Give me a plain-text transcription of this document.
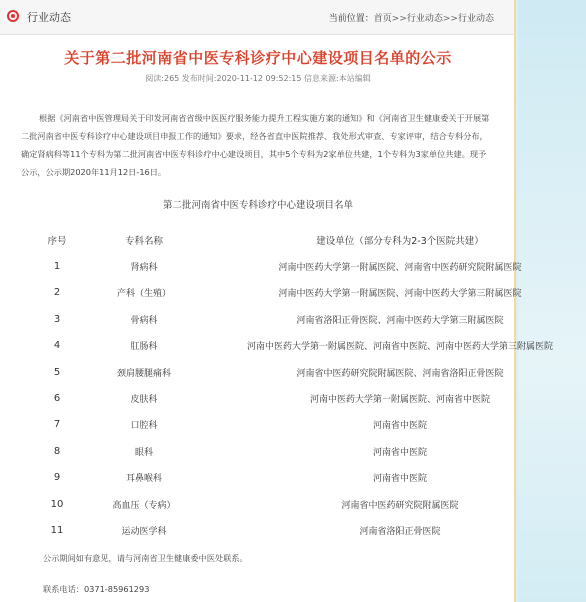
行业动态	当前位置：首页>>行业动态>>行业动态
关于第二批河南省中医专科诊疗中心建设项目名单的公示
阅读:265 发布时间:2020-11-12 09:52:15 信息来源:本站编辑
根据《河南省中医管理局关于印发河南省省级中医医疗服务能力提升工程实施方案的通知》和《河南省卫生健康委关于开展第二批河南省中医专科诊疗中心建设项目申报工作的通知》要求，经各省直中医院推荐、我处形式审查、专家评审，结合专科分布，确定肾病科等11个专科为第二批河南省中医专科诊疗中心建设项目，其中5个专科为2家单位共建，1个专科为3家单位共建。现予公示，公示期2020年11月12日-16日。
第二批河南省中医专科诊疗中心建设项目名单
序号	专科名称	建设单位（部分专科为2-3个医院共建）
1	肾病科	河南中医药大学第一附属医院、河南省中医药研究院附属医院
2	产科（生殖）	河南中医药大学第一附属医院、河南中医药大学第三附属医院
3	骨病科	河南省洛阳正骨医院、河南中医药大学第三附属医院
4	肛肠科	河南中医药大学第一附属医院、河南省中医院、河南中医药大学第三附属医院
5	颈肩腰腿痛科	河南省中医药研究院附属医院、河南省洛阳正骨医院
6	皮肤科	河南中医药大学第一附属医院、河南省中医院
7	口腔科	河南省中医院
8	眼科	河南省中医院
9	耳鼻喉科	河南省中医院
10	高血压（专病）	河南省中医药研究院附属医院
11	运动医学科	河南省洛阳正骨医院
公示期间如有意见，请与河南省卫生健康委中医处联系。
联系电话：0371-85961293
